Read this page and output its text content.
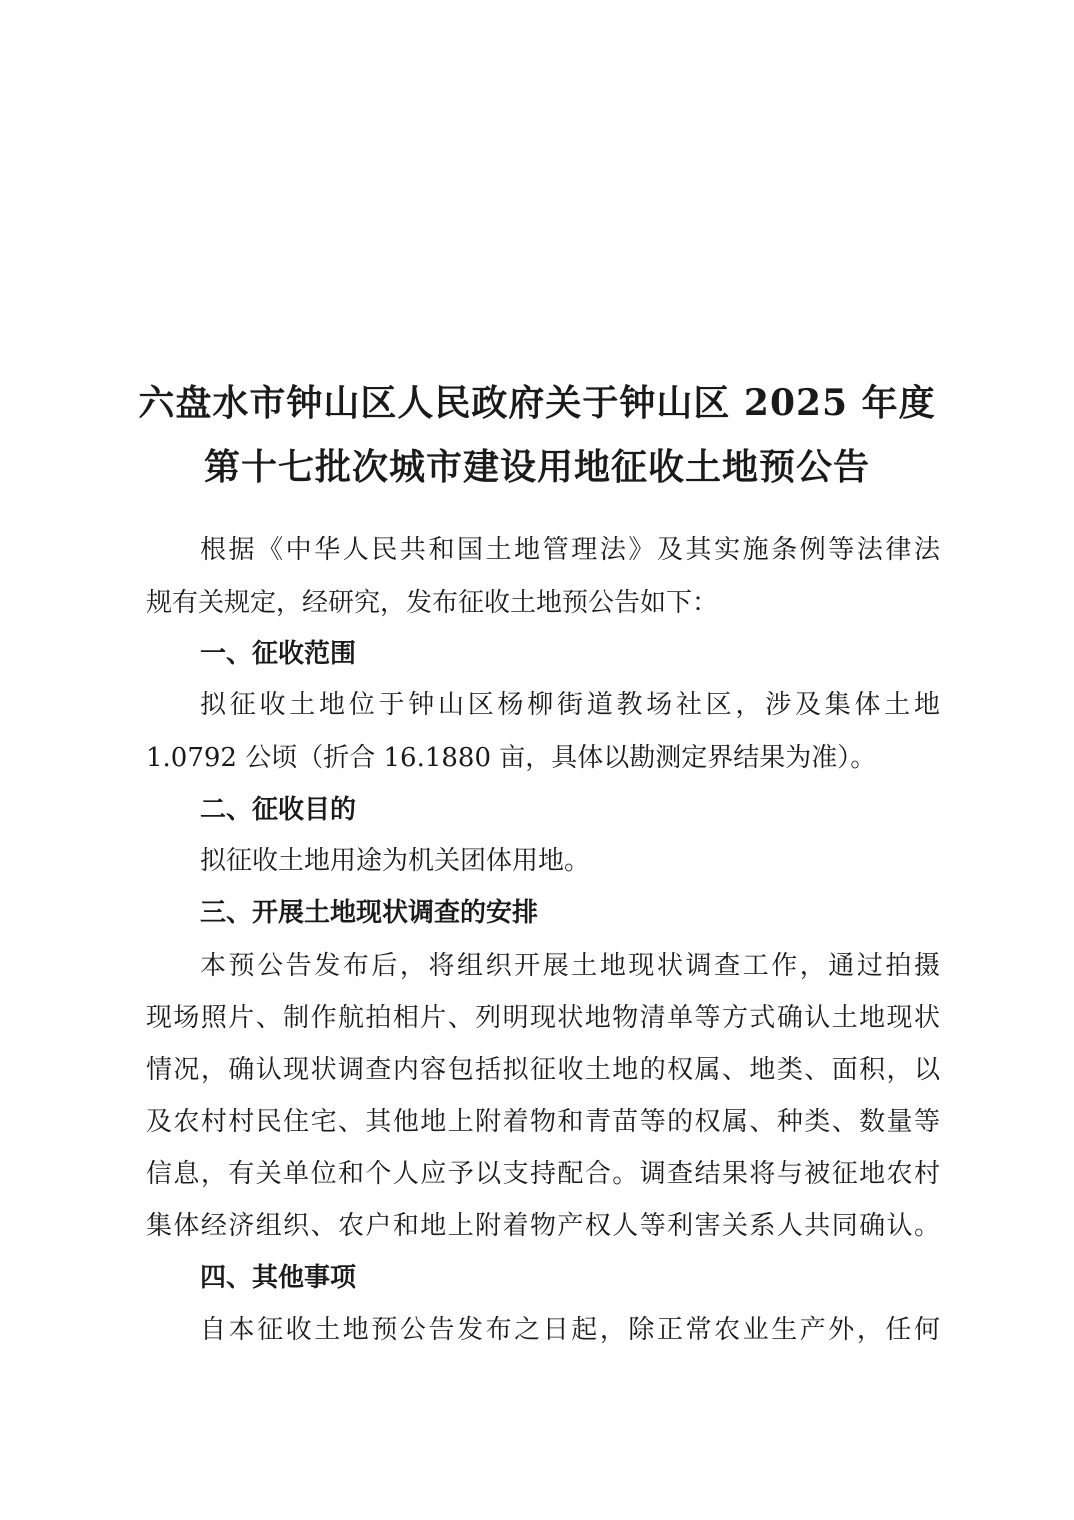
六盘水市钟山区人民政府关于钟山区 2025 年度
第十七批次城市建设用地征收土地预公告
根据《中华人民共和国土地管理法》及其实施条例等法律法
规有关规定，经研究，发布征收土地预公告如下：
一、征收范围
拟征收土地位于钟山区杨柳街道教场社区，涉及集体土地
1.0792 公顷（折合 16.1880 亩，具体以勘测定界结果为准）。
二、征收目的
拟征收土地用途为机关团体用地。
三、开展土地现状调查的安排
本预公告发布后，将组织开展土地现状调查工作，通过拍摄
现场照片、制作航拍相片、列明现状地物清单等方式确认土地现状
情况，确认现状调查内容包括拟征收土地的权属、地类、面积，以
及农村村民住宅、其他地上附着物和青苗等的权属、种类、数量等
信息，有关单位和个人应予以支持配合。调查结果将与被征地农村
集体经济组织、农户和地上附着物产权人等利害关系人共同确认。
四、其他事项
自本征收土地预公告发布之日起，除正常农业生产外，任何
